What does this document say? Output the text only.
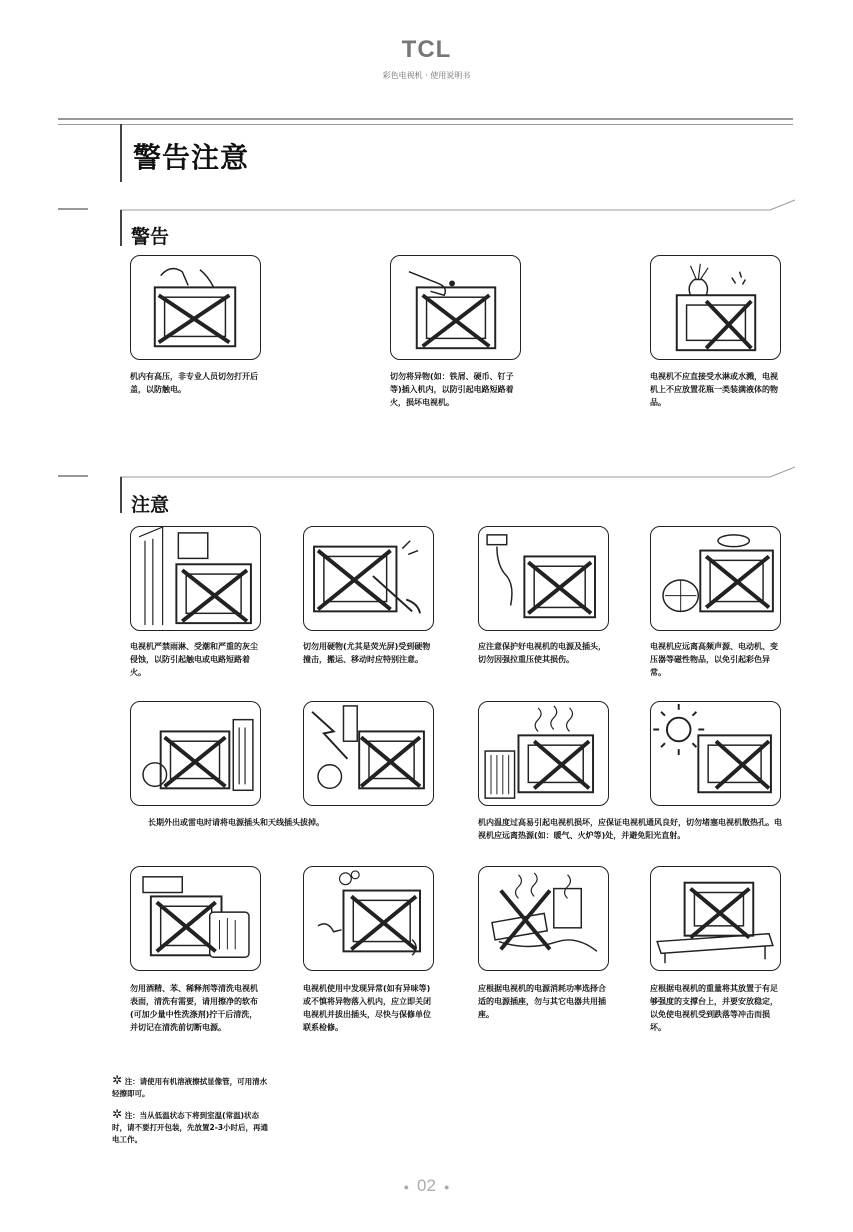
TCL
彩色电视机 · 使用说明书
警告注意
警告
机内有高压，非专业人员切勿打开后盖，以防触电。
切勿将异物(如：铁屑、硬币、钉子等)插入机内，以防引起电路短路着火，损坏电视机。
电视机不应直接受水淋或水溅，电视机上不应放置花瓶一类装满液体的物品。
注意
电视机严禁雨淋、受潮和严重的灰尘侵蚀，以防引起触电或电路短路着火。
切勿用硬物(尤其是荧光屏)受到硬物撞击，搬运、移动时应特别注意。
应注意保护好电视机的电源及插头，切勿因强拉重压使其损伤。
电视机应远离高频声源、电动机、变压器等磁性物品，以免引起彩色异常。
长期外出或雷电时请将电源插头和天线插头拔掉。	机内温度过高易引起电视机损坏，应保证电视机通风良好，切勿堵塞电视机散热孔。电视机应远离热源(如：暖气、火炉等)处，并避免阳光直射。
勿用酒精、苯、稀释剂等清洗电视机表面，清洗有需要，请用擦净的软布(可加少量中性洗涤剂)拧干后清洗，并切记在清洗前切断电源。
电视机使用中发现异常(如有异味等)或不慎将异物落入机内，应立即关闭电视机并拔出插头，尽快与保修单位联系检修。
应根据电视机的电源消耗功率选择合适的电源插座，勿与其它电器共用插座。
应根据电视机的重量将其放置于有足够强度的支撑台上，并要安放稳定，以免使电视机受到跌落等冲击而损坏。
✲ 注：请使用有机溶液擦拭显像管，可用清水轻擦即可。
✲ 注：当从低温状态下将到室温(常温)状态时，请不要打开包装，先放置2-3小时后，再通电工作。
● 02 ●
